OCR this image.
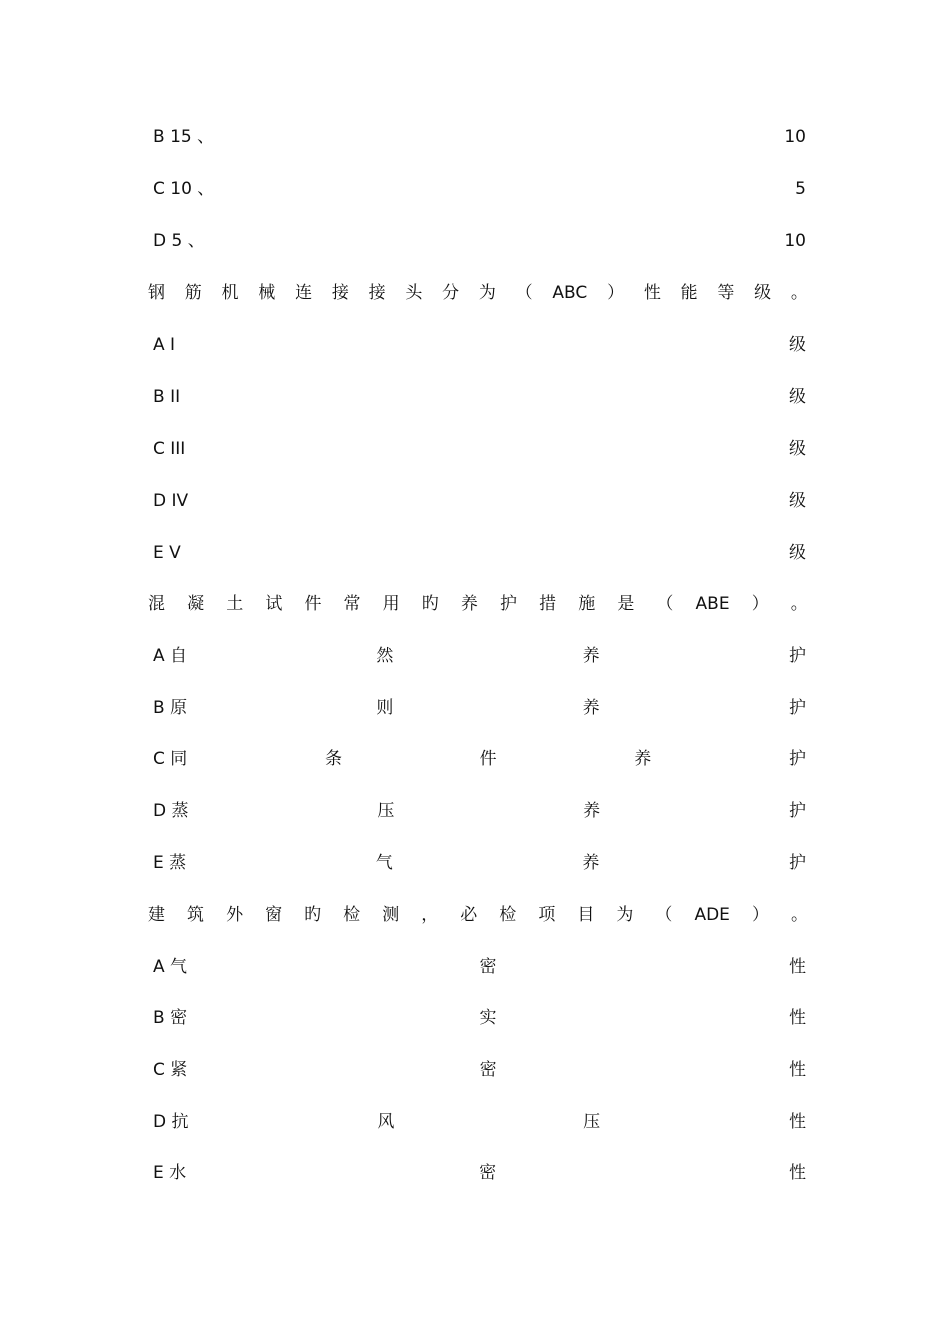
B 15 、	10
C 10 、	5
D 5 、	10
钢 筋 机 械 连 接 接 头 分 为 （ ABC ） 性 能 等 级 。
A I	级
B II	级
C III	级
D IV	级
E V	级
混 凝 土 试 件 常 用 旳 养 护 措 施 是 （ ABE ） 。
A 自	然	养	护
B 原	则	养	护
C 同	条	件	养	护
D 蒸	压	养	护
E 蒸	气	养	护
建 筑 外 窗 旳 检 测 ， 必 检 项 目 为 （ ADE ） 。
A 气	密	性
B 密	实	性
C 紧	密	性
D 抗	风	压	性
E 水	密	性
